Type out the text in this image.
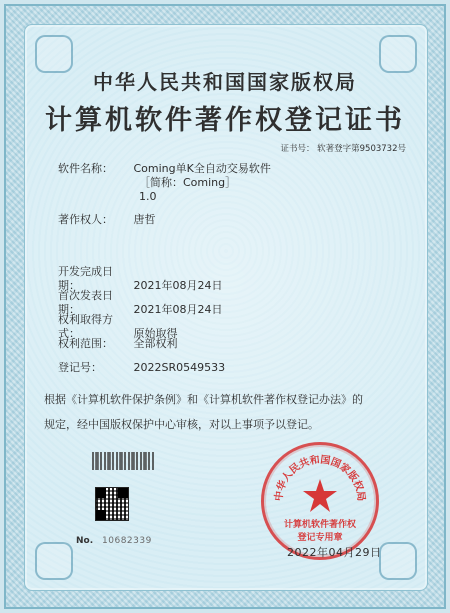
中华人民共和国国家版权局
计算机软件著作权登记证书
证书号： 软著登字第9503732号
软件名称： Coming单K全自动交易软件
［简称：Coming］
1.0
著作权人： 唐哲
开发完成日期：	2021年08月24日
首次发表日期：	2021年08月24日
权利取得方式：	原始取得
权利范围： 全部权利
登记号：	2022SR0549533
根据《计算机软件保护条例》和《计算机软件著作权登记办法》的
规定，经中国版权保护中心审核，对以上事项予以登记。
No. 10682339
中华人民共和国国家版权局
计算机软件著作权
登记专用章
2022年04月29日
